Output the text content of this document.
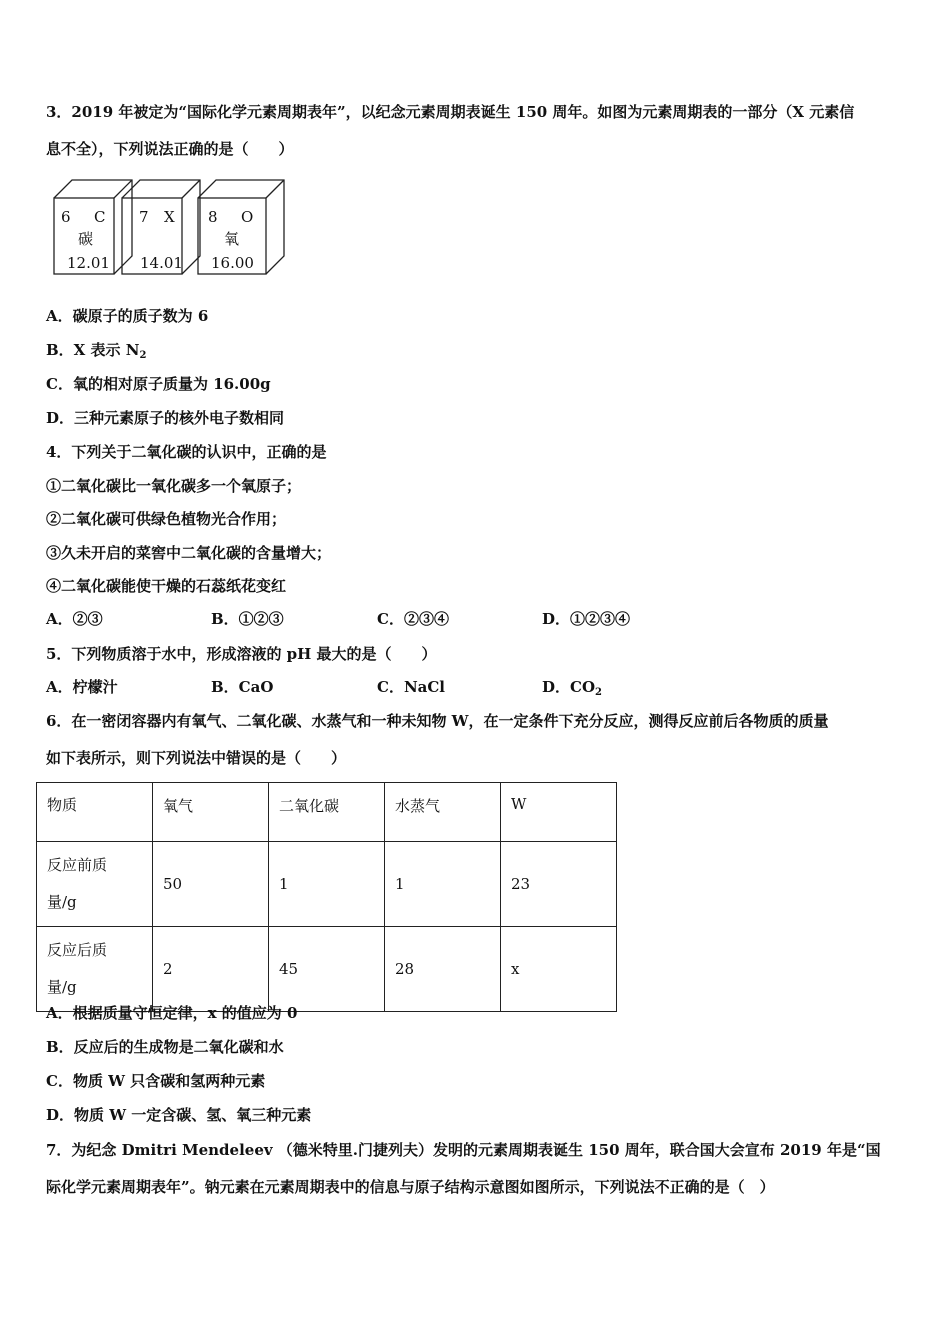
3．2019 年被定为“国际化学元素周期表年”，以纪念元素周期表诞生 150 周年。如图为元素周期表的一部分（X 元素信
息不全），下列说法正确的是（　　）
6 C
碳
12.01
7 X
14.01
8 O
氧
16.00
A．碳原子的质子数为 6
B．X 表示 $N_2$
C．氧的相对原子质量为 16.00g
D．三种元素原子的核外电子数相同
4．下列关于二氧化碳的认识中，正确的是
①二氧化碳比一氧化碳多一个氧原子；
②二氧化碳可供绿色植物光合作用；
③久未开启的菜窖中二氧化碳的含量增大；
④二氧化碳能使干燥的石蕊纸花变红
A．②③	B．①②③	C．②③④	D．①②③④
5．下列物质溶于水中，形成溶液的 pH 最大的是（　　）
A．柠檬汁	B．CaO	C．NaCl	D．$CO_2$
6．在一密闭容器内有氧气、二氧化碳、水蒸气和一种未知物 W，在一定条件下充分反应，测得反应前后各物质的质量
如下表所示，则下列说法中错误的是（　　）
物质	氧气	二氧化碳	水蒸气	W

反应前质
量/g	50	1	1	23

反应后质
量/g	2	45	28	x
A．根据质量守恒定律，x 的值应为 0
B．反应后的生成物是二氧化碳和水
C．物质 W 只含碳和氢两种元素
D．物质 W 一定含碳、氢、氧三种元素
7．为纪念 Dmitri Mendeleev （德米特里.门捷列夫）发明的元素周期表诞生 150 周年，联合国大会宣布 2019 年是“国
际化学元素周期表年”。钠元素在元素周期表中的信息与原子结构示意图如图所示，下列说法不正确的是（　）
